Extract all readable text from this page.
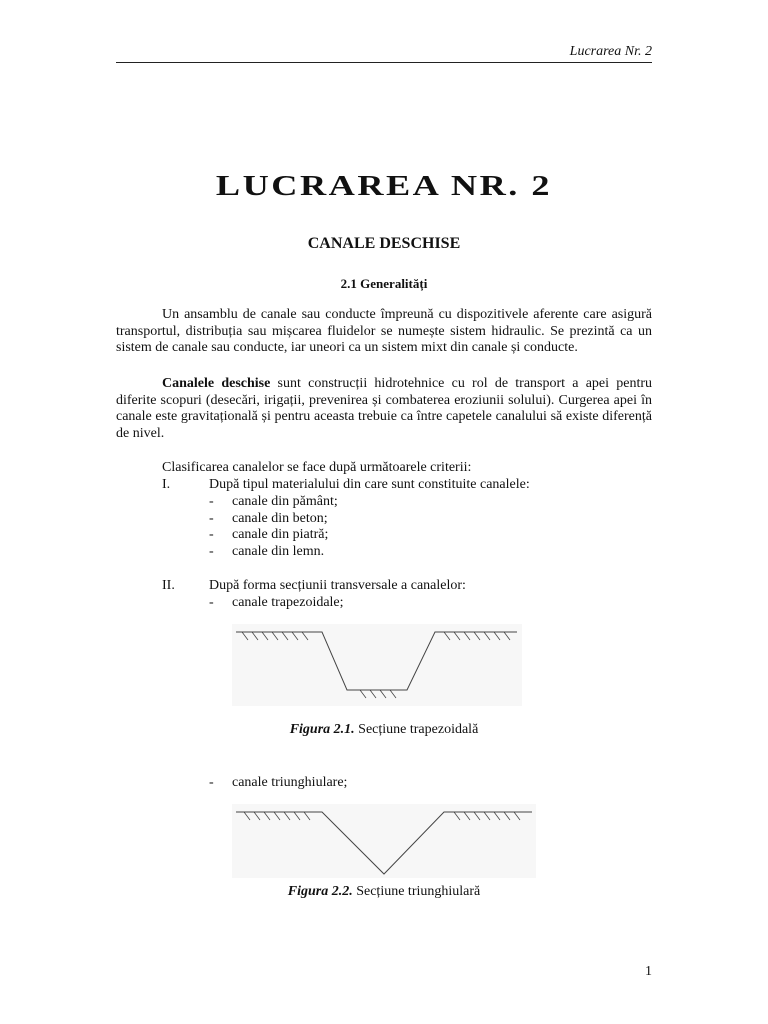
Lucrarea Nr. 2
LUCRAREA NR. 2
CANALE DESCHISE
2.1 Generalități

Un ansamblu de canale sau conducte împreună cu dispozitivele aferente care asigură transportul, distribuția sau mișcarea fluidelor se numește sistem hidraulic. Se prezintă ca un sistem de canale sau conducte, iar uneori ca un sistem mixt din canale și conducte.

Canalele deschise sunt construcții hidrotehnice cu rol de transport a apei pentru diferite scopuri (desecări, irigații, prevenirea și combaterea eroziunii solului). Curgerea apei în canale este gravitațională și pentru aceasta trebuie ca între capetele canalului să existe diferență de nivel.

Clasificarea canalelor se face după următoarele criterii:
I.	După tipul materialului din care sunt constituite canalele:
- canale din pământ;
- canale din beton;
- canale din piatră;
- canale din lemn.
II. După forma secțiunii transversale a canalelor:
- canale trapezoidale;
Figura 2.1. Secțiune trapezoidală
- canale triunghiulare;
Figura 2.2. Secțiune triunghiulară
1
